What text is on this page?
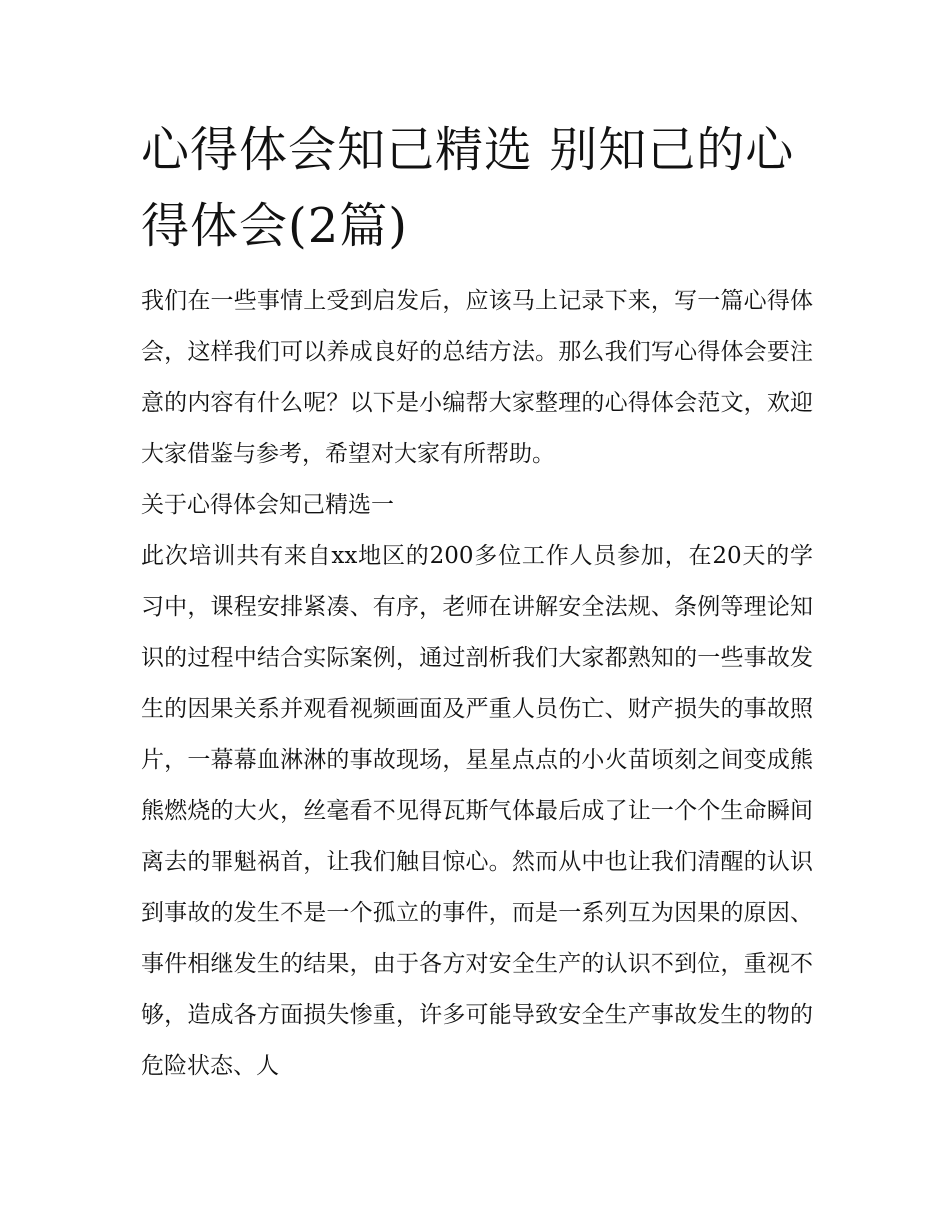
心得体会知己精选 别知己的心得体会(2篇)

我们在一些事情上受到启发后，应该马上记录下来，写一篇心得体会，这样我们可以养成良好的总结方法。那么我们写心得体会要注意的内容有什么呢？以下是小编帮大家整理的心得体会范文，欢迎大家借鉴与参考，希望对大家有所帮助。

关于心得体会知己精选一

此次培训共有来自xx地区的200多位工作人员参加，在20天的学习中，课程安排紧凑、有序，老师在讲解安全法规、条例等理论知识的过程中结合实际案例，通过剖析我们大家都熟知的一些事故发生的因果关系并观看视频画面及严重人员伤亡、财产损失的事故照片，一幕幕血淋淋的事故现场，星星点点的小火苗顷刻之间变成熊熊燃烧的大火，丝毫看不见得瓦斯气体最后成了让一个个生命瞬间离去的罪魁祸首，让我们触目惊心。然而从中也让我们清醒的认识到事故的发生不是一个孤立的事件，而是一系列互为因果的原因、事件相继发生的结果，由于各方对安全生产的认识不到位，重视不够，造成各方面损失惨重，许多可能导致安全生产事故发生的物的危险状态、人
